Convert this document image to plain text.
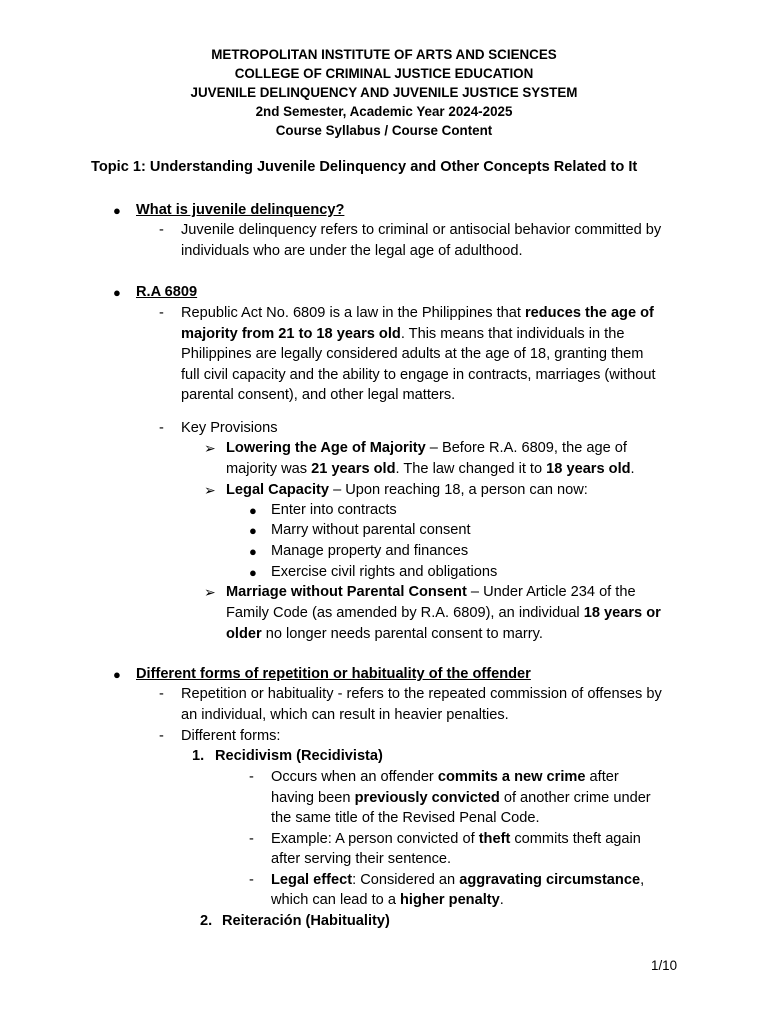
METROPOLITAN INSTITUTE OF ARTS AND SCIENCES
COLLEGE OF CRIMINAL JUSTICE EDUCATION
JUVENILE DELINQUENCY AND JUVENILE JUSTICE SYSTEM
2nd Semester, Academic Year 2024-2025
Course Syllabus / Course Content
Topic 1: Understanding Juvenile Delinquency and Other Concepts Related to It
● What is juvenile delinquency?
- Juvenile delinquency refers to criminal or antisocial behavior committed by
individuals who are under the legal age of adulthood.
● R.A 6809
- Republic Act No. 6809 is a law in the Philippines that reduces the age of
majority from 21 to 18 years old. This means that individuals in the
Philippines are legally considered adults at the age of 18, granting them
full civil capacity and the ability to engage in contracts, marriages (without
parental consent), and other legal matters.
- Key Provisions
➢ Lowering the Age of Majority – Before R.A. 6809, the age of
majority was 21 years old. The law changed it to 18 years old.
➢ Legal Capacity – Upon reaching 18, a person can now:
● Enter into contracts
● Marry without parental consent
● Manage property and finances
● Exercise civil rights and obligations
➢ Marriage without Parental Consent – Under Article 234 of the
Family Code (as amended by R.A. 6809), an individual 18 years or
older no longer needs parental consent to marry.
● Different forms of repetition or habituality of the offender
- Repetition or habituality - refers to the repeated commission of offenses by
an individual, which can result in heavier penalties.
- Different forms:
1. Recidivism (Recidivista)
- Occurs when an offender commits a new crime after
having been previously convicted of another crime under
the same title of the Revised Penal Code.
- Example: A person convicted of theft commits theft again
after serving their sentence.
- Legal effect: Considered an aggravating circumstance,
which can lead to a higher penalty.
2. Reiteración (Habituality)
1/10
